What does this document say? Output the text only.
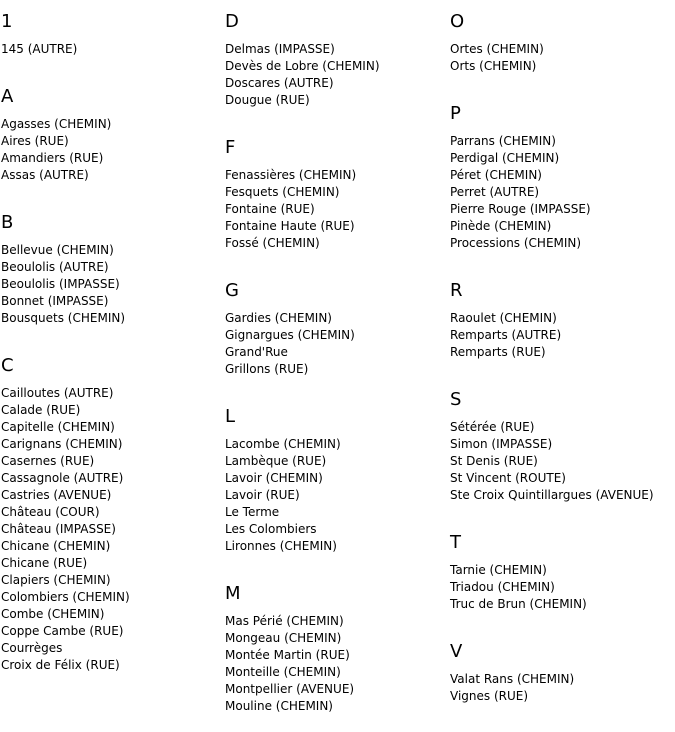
1
145 (AUTRE)
A
Agasses (CHEMIN)
Aires (RUE)
Amandiers (RUE)
Assas (AUTRE)
B
Bellevue (CHEMIN)
Beoulolis (AUTRE)
Beoulolis (IMPASSE)
Bonnet (IMPASSE)
Bousquets (CHEMIN)
C
Cailloutes (AUTRE)
Calade (RUE)
Capitelle (CHEMIN)
Carignans (CHEMIN)
Casernes (RUE)
Cassagnole (AUTRE)
Castries (AVENUE)
Château (COUR)
Château (IMPASSE)
Chicane (CHEMIN)
Chicane (RUE)
Clapiers (CHEMIN)
Colombiers (CHEMIN)
Combe (CHEMIN)
Coppe Cambe (RUE)
Courrèges
Croix de Félix (RUE)
D
Delmas (IMPASSE)
Devès de Lobre (CHEMIN)
Doscares (AUTRE)
Dougue (RUE)
F
Fenassières (CHEMIN)
Fesquets (CHEMIN)
Fontaine (RUE)
Fontaine Haute (RUE)
Fossé (CHEMIN)
G
Gardies (CHEMIN)
Gignargues (CHEMIN)
Grand'Rue
Grillons (RUE)
L
Lacombe (CHEMIN)
Lambèque (RUE)
Lavoir (CHEMIN)
Lavoir (RUE)
Le Terme
Les Colombiers
Lironnes (CHEMIN)
M
Mas Périé (CHEMIN)
Mongeau (CHEMIN)
Montée Martin (RUE)
Monteille (CHEMIN)
Montpellier (AVENUE)
Mouline (CHEMIN)
O
Ortes (CHEMIN)
Orts (CHEMIN)
P
Parrans (CHEMIN)
Perdigal (CHEMIN)
Péret (CHEMIN)
Perret (AUTRE)
Pierre Rouge (IMPASSE)
Pinède (CHEMIN)
Processions (CHEMIN)
R
Raoulet (CHEMIN)
Remparts (AUTRE)
Remparts (RUE)
S
Sétérée (RUE)
Simon (IMPASSE)
St Denis (RUE)
St Vincent (ROUTE)
Ste Croix Quintillargues (AVENUE)
T
Tarnie (CHEMIN)
Triadou (CHEMIN)
Truc de Brun (CHEMIN)
V
Valat Rans (CHEMIN)
Vignes (RUE)
